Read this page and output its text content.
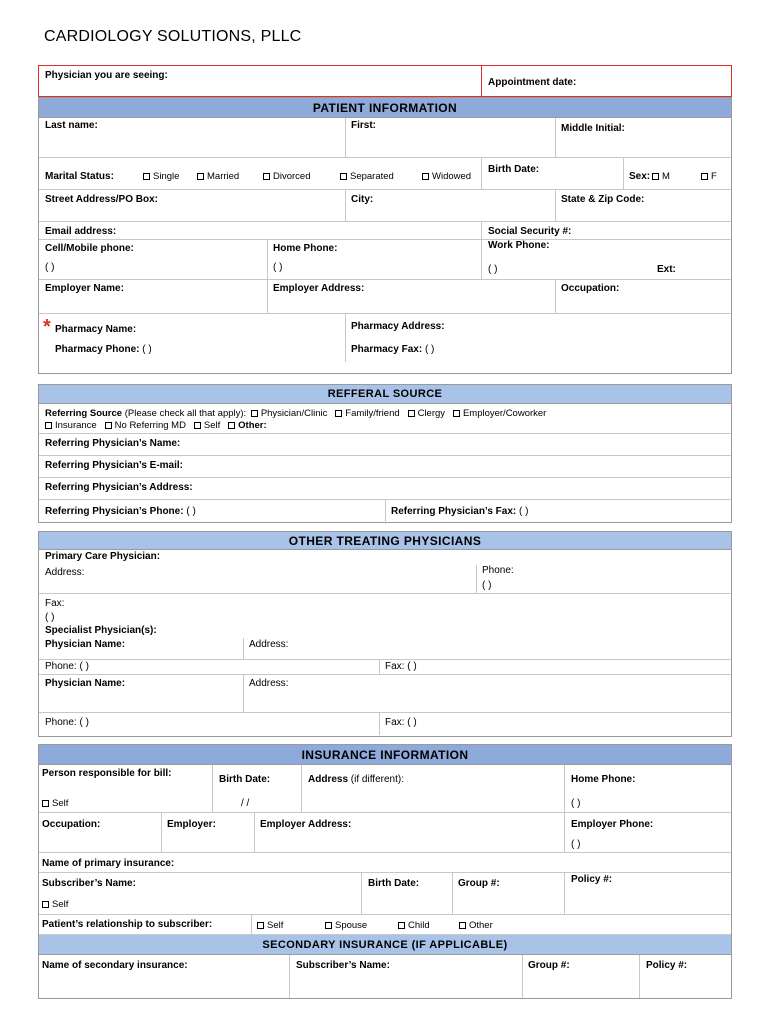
CARDIOLOGY SOLUTIONS, PLLC
Physician you are seeing:
Appointment date:
PATIENT INFORMATION
Last name:	First:	Middle Initial:
Marital Status:	Single	Married	Divorced	Separated	Widowed
Birth Date:
Sex:	M	F
Street Address/PO Box:	City:	State & Zip Code:
Email address:	Social Security #:
Cell/Mobile phone:
( )
Home Phone:
( )
Work Phone:
( )	Ext:
Employer Name:	Employer Address:	Occupation:
* Pharmacy Name:
Pharmacy Phone: ( )
Pharmacy Address:
Pharmacy Fax: ( )
REFFERAL SOURCE
Referring Source (Please check all that apply): Physician/Clinic Family/friend Clergy Employer/Coworker
Insurance No Referring MD Self Other:
Referring Physician’s Name:
Referring Physician’s E-mail:
Referring Physician’s Address:
Referring Physician’s Phone: ( )	Referring Physician’s Fax: ( )
OTHER TREATING PHYSICIANS
Primary Care Physician:
Address:	Phone:
( )
Fax:
( )
Specialist Physician(s):
Physician Name:	Address:
Phone: ( )	Fax: ( )
Physician Name:	Address:
Phone: ( )	Fax: ( )
INSURANCE INFORMATION
Person responsible for bill:
Self
Birth Date:
/ /
Address (if different):	Home Phone:
( )
Occupation:	Employer:	Employer Address:	Employer Phone:
( )
Name of primary insurance:
Subscriber’s Name:
Self
Birth Date:	Group #:	Policy #:
Patient’s relationship to subscriber:	Self	Spouse	Child	Other
SECONDARY INSURANCE (IF APPLICABLE)
Name of secondary insurance:	Subscriber’s Name:	Group #:	Policy #:
